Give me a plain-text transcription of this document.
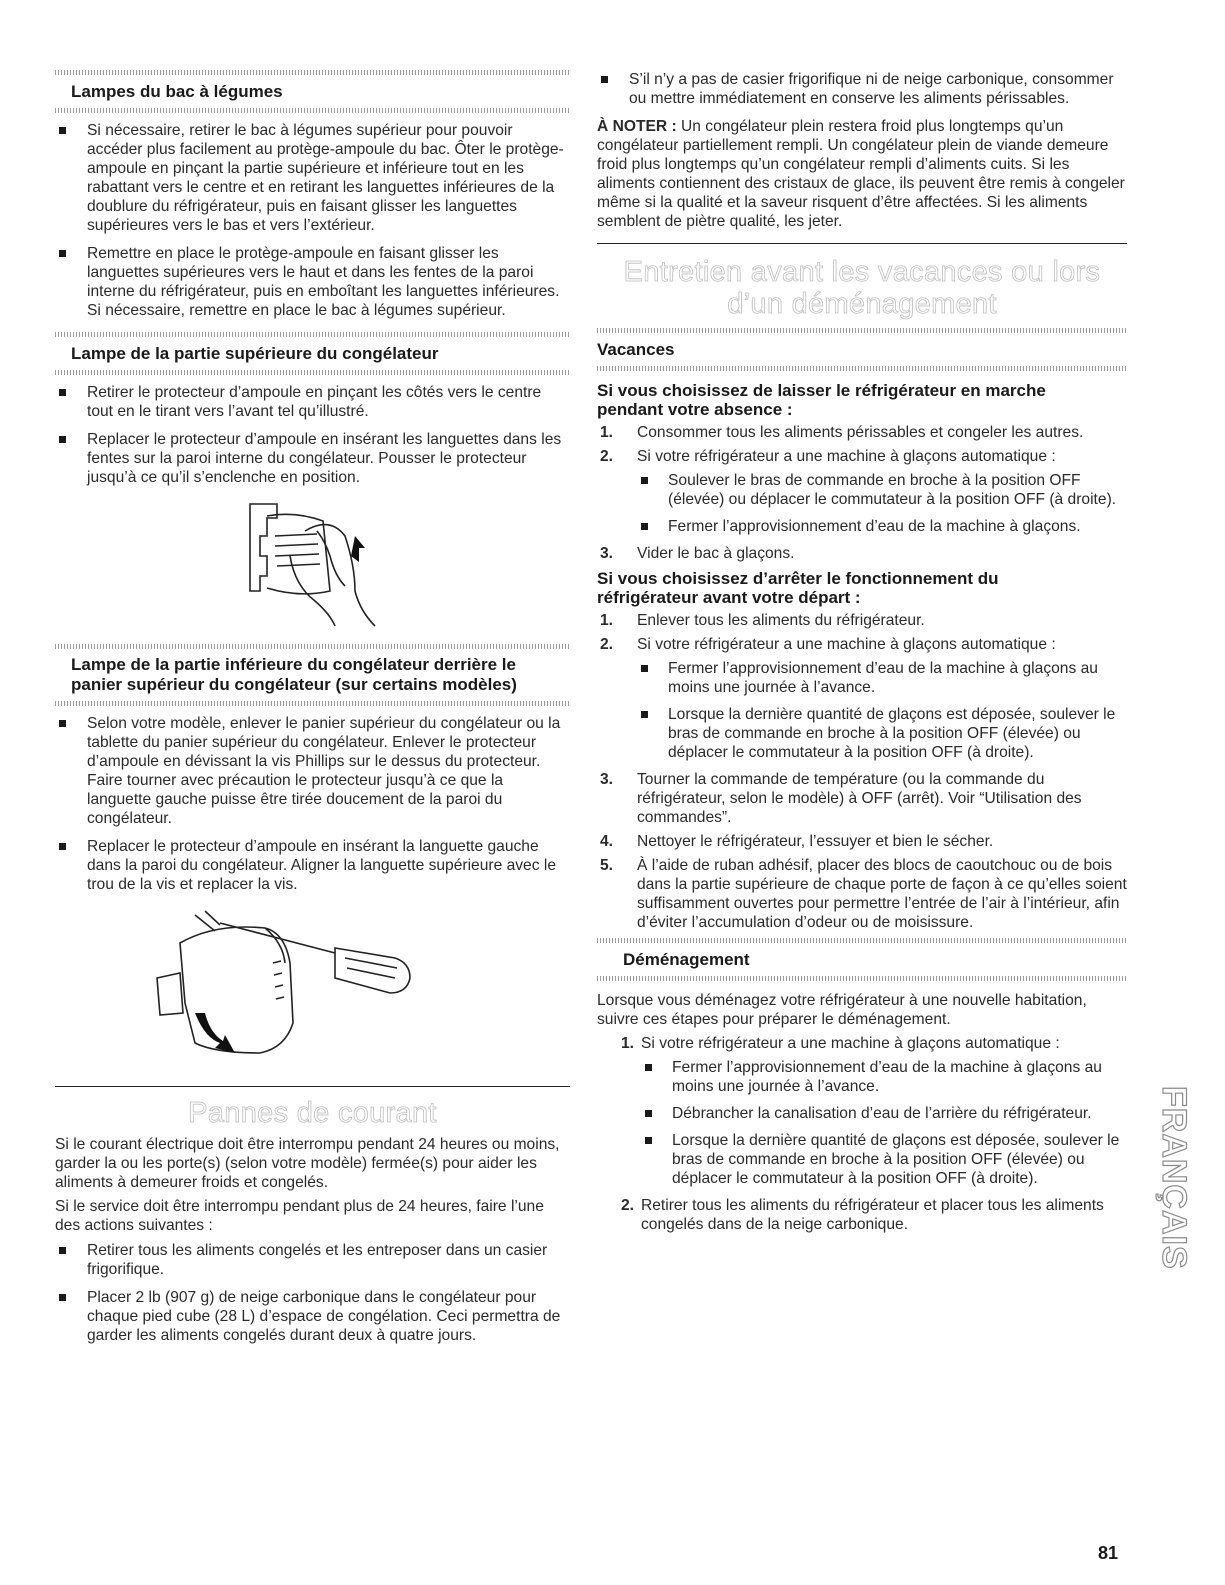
Lampes du bac à légumes
Si nécessaire, retirer le bac à légumes supérieur pour pouvoir accéder plus facilement au protège-ampoule du bac. Ôter le protège-ampoule en pinçant la partie supérieure et inférieure tout en les rabattant vers le centre et en retirant les languettes inférieures de la doublure du réfrigérateur, puis en faisant glisser les languettes supérieures vers le bas et vers l’extérieur.
Remettre en place le protège-ampoule en faisant glisser les languettes supérieures vers le haut et dans les fentes de la paroi interne du réfrigérateur, puis en emboîtant les languettes inférieures. Si nécessaire, remettre en place le bac à légumes supérieur.
Lampe de la partie supérieure du congélateur
Retirer le protecteur d’ampoule en pinçant les côtés vers le centre tout en le tirant vers l’avant tel qu’illustré.
Replacer le protecteur d’ampoule en insérant les languettes dans les fentes sur la paroi interne du congélateur. Pousser le protecteur jusqu’à ce qu’il s’enclenche en position.
Lampe de la partie inférieure du congélateur derrière le
panier supérieur du congélateur (sur certains modèles)
Selon votre modèle, enlever le panier supérieur du congélateur ou la tablette du panier supérieur du congélateur. Enlever le protecteur d’ampoule en dévissant la vis Phillips sur le dessus du protecteur. Faire tourner avec précaution le protecteur jusqu’à ce que la languette gauche puisse être tirée doucement de la paroi du congélateur.
Replacer le protecteur d’ampoule en insérant la languette gauche dans la paroi du congélateur. Aligner la languette supérieure avec le trou de la vis et replacer la vis.
Pannes de courant

Si le courant électrique doit être interrompu pendant 24 heures ou moins, garder la ou les porte(s) (selon votre modèle) fermée(s) pour aider les aliments à demeurer froids et congelés.

Si le service doit être interrompu pendant plus de 24 heures, faire l’une des actions suivantes :

Retirer tous les aliments congelés et les entreposer dans un casier frigorifique.
Placer 2 lb (907 g) de neige carbonique dans le congélateur pour chaque pied cube (28 L) d’espace de congélation. Ceci permettra de garder les aliments congelés durant deux à quatre jours.
S’il n’y a pas de casier frigorifique ni de neige carbonique, consommer ou mettre immédiatement en conserve les aliments périssables.

À NOTER : Un congélateur plein restera froid plus longtemps qu’un congélateur partiellement rempli. Un congélateur plein de viande demeure froid plus longtemps qu’un congélateur rempli d’aliments cuits. Si les aliments contiennent des cristaux de glace, ils peuvent être remis à congeler même si la qualité et la saveur risquent d’être affectées. Si les aliments semblent de piètre qualité, les jeter.

Entretien avant les vacances ou lors
d’un déménagement
Vacances
Si vous choisissez de laisser le réfrigérateur en marche
pendant votre absence :
1. Consommer tous les aliments périssables et congeler les autres.
2. Si votre réfrigérateur a une machine à glaçons automatique :
Soulever le bras de commande en broche à la position OFF (élevée) ou déplacer le commutateur à la position OFF (à droite).
Fermer l’approvisionnement d’eau de la machine à glaçons.
3. Vider le bac à glaçons.
Si vous choisissez d’arrêter le fonctionnement du
réfrigérateur avant votre départ :
1. Enlever tous les aliments du réfrigérateur.
2. Si votre réfrigérateur a une machine à glaçons automatique :
Fermer l’approvisionnement d’eau de la machine à glaçons au moins une journée à l’avance.
Lorsque la dernière quantité de glaçons est déposée, soulever le bras de commande en broche à la position OFF (élevée) ou déplacer le commutateur à la position OFF (à droite).
3. Tourner la commande de température (ou la commande du réfrigérateur, selon le modèle) à OFF (arrêt). Voir “Utilisation des commandes”.
4. Nettoyer le réfrigérateur, l’essuyer et bien le sécher.
5. À l’aide de ruban adhésif, placer des blocs de caoutchouc ou de bois dans la partie supérieure de chaque porte de façon à ce qu’elles soient suffisamment ouvertes pour permettre l’entrée de l’air à l’intérieur, afin d’éviter l’accumulation d’odeur ou de moisissure.
Déménagement

Lorsque vous déménagez votre réfrigérateur à une nouvelle habitation, suivre ces étapes pour préparer le déménagement.

1. Si votre réfrigérateur a une machine à glaçons automatique :
Fermer l’approvisionnement d’eau de la machine à glaçons au moins une journée à l’avance.
Débrancher la canalisation d’eau de l’arrière du réfrigérateur.
Lorsque la dernière quantité de glaçons est déposée, soulever le bras de commande en broche à la position OFF (élevée) ou déplacer le commutateur à la position OFF (à droite).
2. Retirer tous les aliments du réfrigérateur et placer tous les aliments congelés dans de la neige carbonique.	FRANÇAIS
81
